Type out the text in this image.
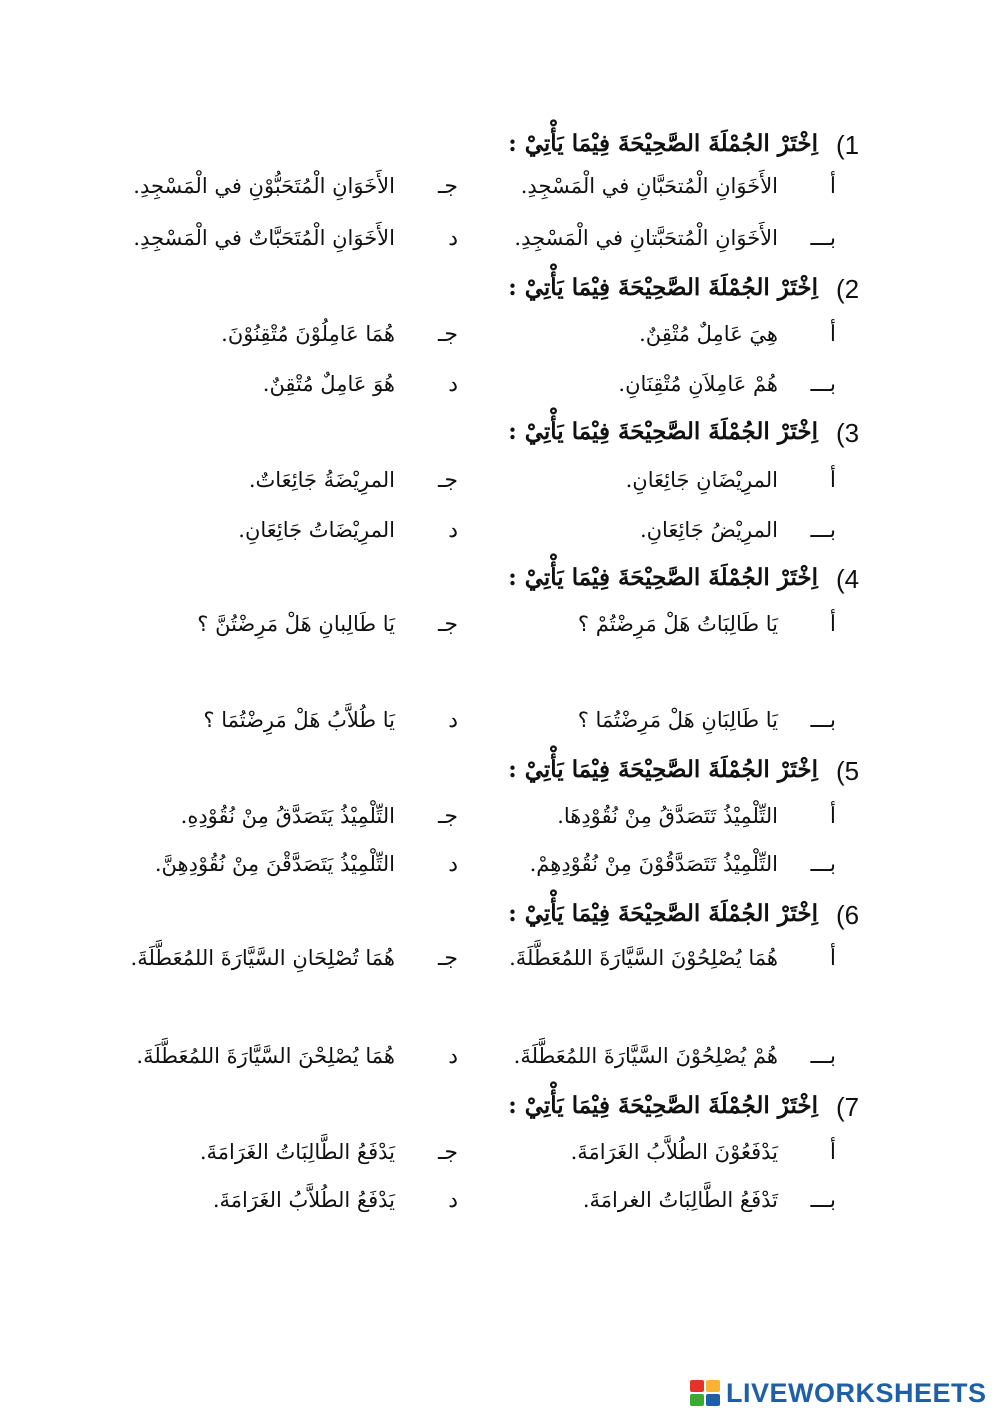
(1
اِخْتَرْ الجُمْلَةَ الصَّحِيْحَةَ فِيْمَا يَأْتِيْ :
أ
الأَخَوَانِ الْمُتحَبَّانِ في الْمَسْجِدِ.
جـ
الأَخَوَانِ الْمُتَحَبُّوْنِ في الْمَسْجِدِ.
بـــ
الأَخَوَانِ الْمُتحَبَّتانِ في الْمَسْجِدِ.
د
الأَخَوَانِ الْمُتَحَبَّاتٌ في الْمَسْجِدِ.
(2
اِخْتَرْ الجُمْلَةَ الصَّحِيْحَةَ فِيْمَا يَأْتِيْ :
أ
هِيَ عَامِلٌ مُتْقِنٌ.
جـ
هُمَا عَامِلُوْنَ مُتْقِنُوْنَ.
بـــ
هُمْ عَامِلاَنِ مُتْقِنَانِ.
د
هُوَ عَامِلٌ مُتْقِنٌ.
(3
اِخْتَرْ الجُمْلَةَ الصَّحِيْحَةَ فِيْمَا يَأْتِيْ :
أ
المرِيْضَانِ جَائِعَانِ.
جـ
المرِيْضَةُ جَائِعَاتٌ.
بـــ
المرِيْضُ جَائِعَانِ.
د
المرِيْضَاتُ جَائِعَانِ.
(4
اِخْتَرْ الجُمْلَةَ الصَّحِيْحَةَ فِيْمَا يَأْتِيْ :
أ
يَا طَالِبَاتُ هَلْ مَرِضْتُمْ ؟
جـ
يَا طَالِبانِ هَلْ مَرِضْتُنَّ ؟
بـــ
يَا طَالِبَانِ هَلْ مَرِضْتُمَا ؟
د
يَا طُلاَّبُ هَلْ مَرِضْتُمَا ؟
(5
اِخْتَرْ الجُمْلَةَ الصَّحِيْحَةَ فِيْمَا يَأْتِيْ :
أ
التِّلْمِيْذُ تَتَصَدَّقُ مِنْ نُقُوْدِهَا.
جـ
التِّلْمِيْذُ يَتَصَدَّقُ مِنْ نُقُوْدِهِ.
بـــ
التِّلْمِيْذُ تَتَصَدَّقُوْنَ مِنْ نُقُوْدِهِمْ.
د
التِّلْمِيْذُ يَتَصَدَّقْنَ مِنْ نُقُوْدِهِنَّ.
(6
اِخْتَرْ الجُمْلَةَ الصَّحِيْحَةَ فِيْمَا يَأْتِيْ :
أ
هُمَا يُصْلِحُوْنَ السَّيَّارَةَ اللمُعَطَّلَةَ.
جـ
هُمَا تُصْلِحَانِ السَّيَّارَةَ اللمُعَطَّلَةَ.
بـــ
هُمْ يُصْلِحُوْنَ السَّيَّارَةَ اللمُعَطَّلَةَ.
د
هُمَا يُصْلِحْنَ السَّيَّارَةَ اللمُعَطَّلَةَ.
(7
اِخْتَرْ الجُمْلَةَ الصَّحِيْحَةَ فِيْمَا يَأْتِيْ :
أ
يَدْفَعُوْنَ الطُلاَّبُ الغَرَامَةَ.
جـ
يَدْفَعُ الطَّالِبَاتُ الغَرَامَةَ.
بـــ
تَدْفَعُ الطَّالِبَاتُ الغرامَةَ.
د
يَدْفَعُ الطُلاَّبُ الغَرَامَةَ.
LIVEWORKSHEETS
